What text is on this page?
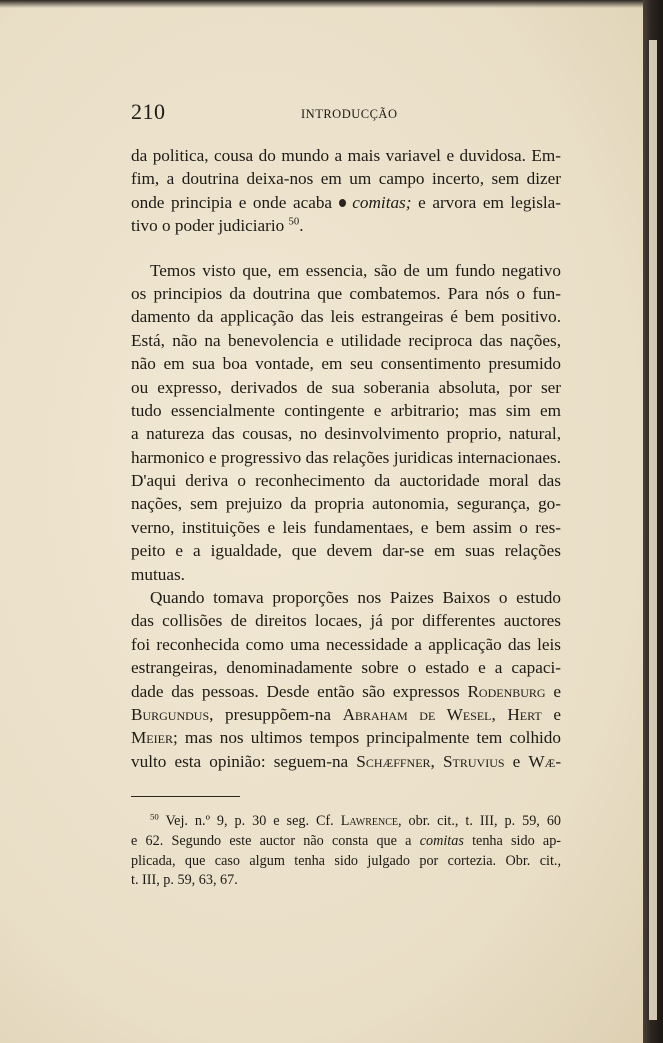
210	INTRODUCÇÃO
da politica, cousa do mundo a mais variavel e duvidosa. Em-
fim, a doutrina deixa-nos em um campo incerto, sem dizer
onde principia e onde acaba comitas; e arvora em legisla-
tivo o poder judiciario $^{50}$.
Temos visto que, em essencia, são de um fundo negativo
os principios da doutrina que combatemos. Para nós o fun-
damento da applicação das leis estrangeiras é bem positivo.
Está, não na benevolencia e utilidade reciproca das nações,
não em sua boa vontade, em seu consentimento presumido
ou expresso, derivados de sua soberania absoluta, por ser
tudo essencialmente contingente e arbitrario; mas sim em
a natureza das cousas, no desinvolvimento proprio, natural,
harmonico e progressivo das relações juridicas internacionaes.
D'aqui deriva o reconhecimento da auctoridade moral das
nações, sem prejuizo da propria autonomia, segurança, go-
verno, instituições e leis fundamentaes, e bem assim o res-
peito e a igualdade, que devem dar-se em suas relações
mutuas.
Quando tomava proporções nos Paizes Baixos o estudo
das collisões de direitos locaes, já por differentes auctores
foi reconhecida como uma necessidade a applicação das leis
estrangeiras, denominadamente sobre o estado e a capaci-
dade das pessoas. Desde então são expressos Rodenburg e
Burgundus, presuppõem-na Abraham de Wesel, Hert e
Meier; mas nos ultimos tempos principalmente tem colhido
vulto esta opinião: seguem-na Schæffner, Struvius e Wæ-
$^{50}$ Vej. n.º 9, p. 30 e seg. Cf. Lawrence, obr. cit., t. III, p. 59, 60
e 62. Segundo este auctor não consta que a comitas tenha sido ap-
plicada, que caso algum tenha sido julgado por cortezia. Obr. cit.,
t. III, p. 59, 63, 67.
